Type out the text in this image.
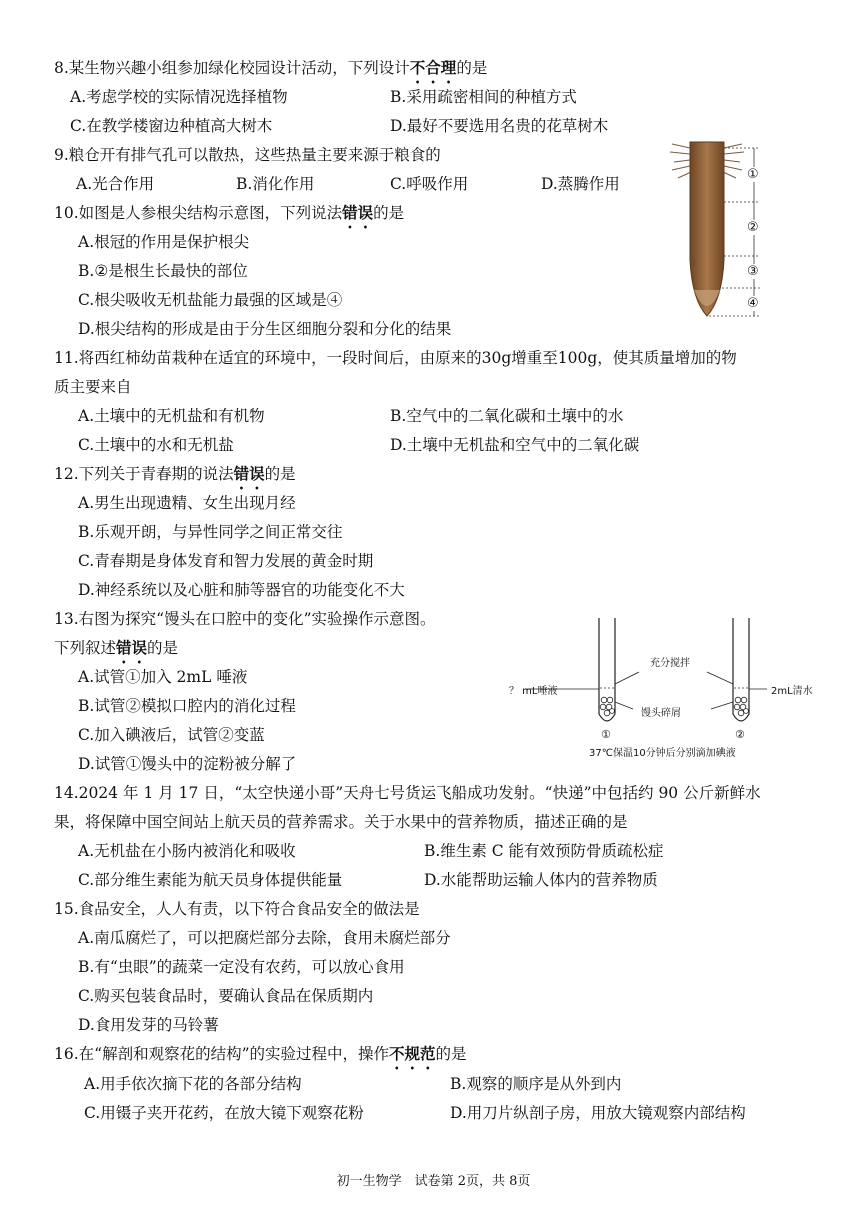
8.某生物兴趣小组参加绿化校园设计活动，下列设计不合理的是
A.考虑学校的实际情况选择植物	B.采用疏密相间的种植方式
C.在教学楼窗边种植高大树木	D.最好不要选用名贵的花草树木
9.粮仓开有排气孔可以散热，这些热量主要来源于粮食的
A.光合作用	B.消化作用	C.呼吸作用	D.蒸腾作用
10.如图是人参根尖结构示意图，下列说法错误的是
A.根冠的作用是保护根尖
B.②是根生长最快的部位
C.根尖吸收无机盐能力最强的区域是④
D.根尖结构的形成是由于分生区细胞分裂和分化的结果
①
②
③
④
11.将西红柿幼苗栽种在适宜的环境中，一段时间后，由原来的30g增重至100g，使其质量增加的物
质主要来自
A.土壤中的无机盐和有机物	B.空气中的二氧化碳和土壤中的水
C.土壤中的水和无机盐	D.土壤中无机盐和空气中的二氧化碳
12.下列关于青春期的说法错误的是
A.男生出现遗精、女生出现月经
B.乐观开朗，与异性同学之间正常交往
C.青春期是身体发育和智力发展的黄金时期
D.神经系统以及心脏和肺等器官的功能变化不大
13.右图为探究“馒头在口腔中的变化”实验操作示意图。
下列叙述错误的是
A.试管①加入 2mL 唾液
B.试管②模拟口腔内的消化过程
C.加入碘液后，试管②变蓝
D.试管①馒头中的淀粉被分解了
充分搅拌
？ mL唾液	2mL清水
馒头碎屑
①	②
37℃保温10分钟后分别滴加碘液
14.2024 年 1 月 17 日，“太空快递小哥”天舟七号货运飞船成功发射。“快递”中包括约 90 公斤新鲜水
果，将保障中国空间站上航天员的营养需求。关于水果中的营养物质，描述正确的是
A.无机盐在小肠内被消化和吸收	B.维生素 C 能有效预防骨质疏松症
C.部分维生素能为航天员身体提供能量	D.水能帮助运输人体内的营养物质
15.食品安全，人人有责，以下符合食品安全的做法是
A.南瓜腐烂了，可以把腐烂部分去除，食用未腐烂部分
B.有“虫眼”的蔬菜一定没有农药，可以放心食用
C.购买包装食品时，要确认食品在保质期内
D.食用发芽的马铃薯
16.在“解剖和观察花的结构”的实验过程中，操作不规范的是
A.用手依次摘下花的各部分结构	B.观察的顺序是从外到内
C.用镊子夹开花药，在放大镜下观察花粉	D.用刀片纵剖子房，用放大镜观察内部结构
初一生物学　试卷第 2页，共 8页
